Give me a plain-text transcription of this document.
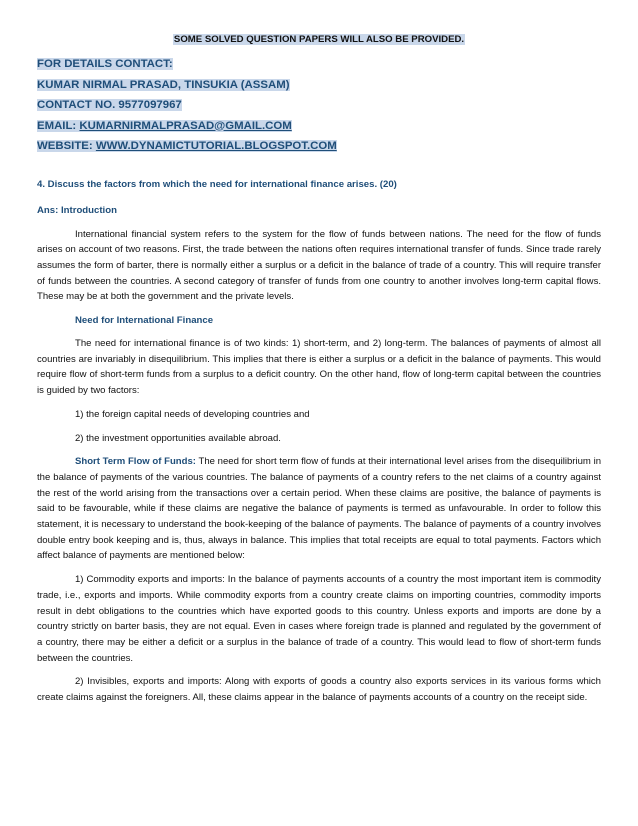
SOME SOLVED QUESTION PAPERS WILL ALSO BE PROVIDED.
FOR DETAILS CONTACT:
KUMAR NIRMAL PRASAD, TINSUKIA (ASSAM)
CONTACT NO. 9577097967
EMAIL: KUMARNIRMALPRASAD@GMAIL.COM
WEBSITE: WWW.DYNAMICTUTORIAL.BLOGSPOT.COM
4. Discuss the factors from which the need for international finance arises. (20)
Ans: Introduction

International financial system refers to the system for the flow of funds between nations. The need for the flow of funds arises on account of two reasons. First, the trade between the nations often requires international transfer of funds. Since trade rarely assumes the form of barter, there is normally either a surplus or a deficit in the balance of trade of a country. This will require transfer of funds between the countries. A second category of transfer of funds from one country to another involves long-term capital flows. These may be at both the government and the private levels.

Need for International Finance

The need for international finance is of two kinds: 1) short-term, and 2) long-term. The balances of payments of almost all countries are invariably in disequilibrium. This implies that there is either a surplus or a deficit in the balance of payments. This would require flow of short-term funds from a surplus to a deficit country. On the other hand, flow of long-term capital between the countries is guided by two factors:

1) the foreign capital needs of developing countries and
2) the investment opportunities available abroad.

Short Term Flow of Funds: The need for short term flow of funds at their international level arises from the disequilibrium in the balance of payments of the various countries. The balance of payments of a country refers to the net claims of a country against the rest of the world arising from the transactions over a certain period. When these claims are positive, the balance of payments is said to be favourable, while if these claims are negative the balance of payments is termed as unfavourable. In order to follow this statement, it is necessary to understand the book-keeping of the balance of payments. The balance of payments of a country involves double entry book keeping and is, thus, always in balance. This implies that total receipts are equal to total payments. Factors which affect balance of payments are mentioned below:

1) Commodity exports and imports: In the balance of payments accounts of a country the most important item is commodity trade, i.e., exports and imports. While commodity exports from a country create claims on importing countries, commodity imports result in debt obligations to the countries which have exported goods to this country. Unless exports and imports are done by a country strictly on barter basis, they are not equal. Even in cases where foreign trade is planned and regulated by the government of a country, there may be either a deficit or a surplus in the balance of trade of a country. This would lead to flow of short-term funds between the countries.

2) Invisibles, exports and imports: Along with exports of goods a country also exports services in its various forms which create claims against the foreigners. All, these claims appear in the balance of payments accounts of a country on the receipt side.
